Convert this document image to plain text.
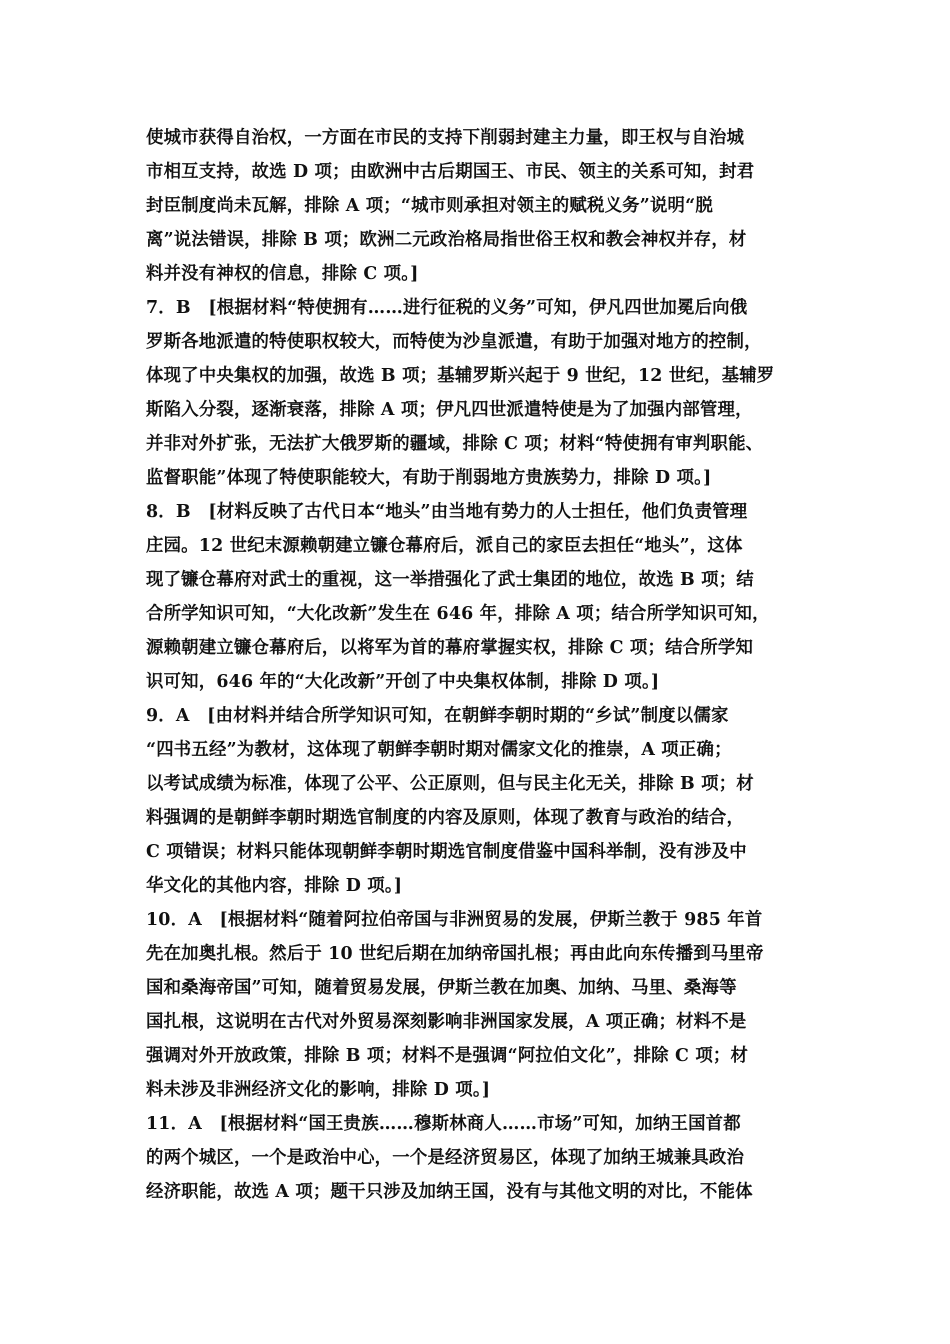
使城市获得自治权，一方面在市民的支持下削弱封建主力量，即王权与自治城
市相互支持，故选 D 项；由欧洲中古后期国王、市民、领主的关系可知，封君
封臣制度尚未瓦解，排除 A 项；“城市则承担对领主的赋税义务”说明“脱
离”说法错误，排除 B 项；欧洲二元政治格局指世俗王权和教会神权并存，材
料并没有神权的信息，排除 C 项。]
7．B　[根据材料“特使拥有……进行征税的义务”可知，伊凡四世加冕后向俄
罗斯各地派遣的特使职权较大，而特使为沙皇派遣，有助于加强对地方的控制，
体现了中央集权的加强，故选 B 项；基辅罗斯兴起于 9 世纪，12 世纪，基辅罗
斯陷入分裂，逐渐衰落，排除 A 项；伊凡四世派遣特使是为了加强内部管理，
并非对外扩张，无法扩大俄罗斯的疆域，排除 C 项；材料“特使拥有审判职能、
监督职能”体现了特使职能较大，有助于削弱地方贵族势力，排除 D 项。]
8．B　[材料反映了古代日本“地头”由当地有势力的人士担任，他们负责管理
庄园。12 世纪末源赖朝建立镰仓幕府后，派自己的家臣去担任“地头”，这体
现了镰仓幕府对武士的重视，这一举措强化了武士集团的地位，故选 B 项；结
合所学知识可知，“大化改新”发生在 646 年，排除 A 项；结合所学知识可知，
源赖朝建立镰仓幕府后，以将军为首的幕府掌握实权，排除 C 项；结合所学知
识可知，646 年的“大化改新”开创了中央集权体制，排除 D 项。]
9．A　[由材料并结合所学知识可知，在朝鲜李朝时期的“乡试”制度以儒家
“四书五经”为教材，这体现了朝鲜李朝时期对儒家文化的推崇，A 项正确；
以考试成绩为标准，体现了公平、公正原则，但与民主化无关，排除 B 项；材
料强调的是朝鲜李朝时期选官制度的内容及原则，体现了教育与政治的结合，
C 项错误；材料只能体现朝鲜李朝时期选官制度借鉴中国科举制，没有涉及中
华文化的其他内容，排除 D 项。]
10．A　[根据材料“随着阿拉伯帝国与非洲贸易的发展，伊斯兰教于 985 年首
先在加奥扎根。然后于 10 世纪后期在加纳帝国扎根；再由此向东传播到马里帝
国和桑海帝国”可知，随着贸易发展，伊斯兰教在加奥、加纳、马里、桑海等
国扎根，这说明在古代对外贸易深刻影响非洲国家发展，A 项正确；材料不是
强调对外开放政策，排除 B 项；材料不是强调“阿拉伯文化”，排除 C 项；材
料未涉及非洲经济文化的影响，排除 D 项。]
11．A　[根据材料“国王贵族……穆斯林商人……市场”可知，加纳王国首都
的两个城区，一个是政治中心，一个是经济贸易区，体现了加纳王城兼具政治
经济职能，故选 A 项；题干只涉及加纳王国，没有与其他文明的对比，不能体
